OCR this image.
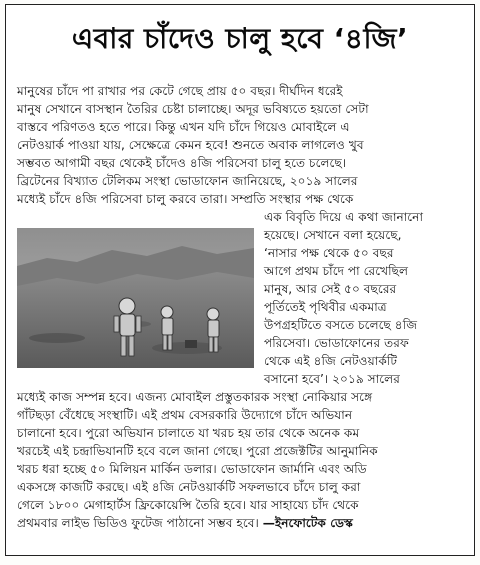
এবার চাঁদেও চালু হবে ‘৪জি’
মানুষের চাঁদে পা রাখার পর কেটে গেছে প্রায় ৫০ বছর। দীর্ঘদিন ধরেই
মানুষ সেখানে বাসস্থান তৈরির চেষ্টা চালাচ্ছে। অদূর ভবিষ্যতে হয়তো সেটা
বাস্তবে পরিণতও হতে পারে। কিন্তু এখন যদি চাঁদে গিয়েও মোবাইলে এ
নেটওয়ার্ক পাওয়া যায়, সেক্ষেত্রে কেমন হবে! শুনতে অবাক লাগলেও খুব
সম্ভবত আগামী বছর থেকেই চাঁদেও ৪জি পরিসেবা চালু হতে চলেছে।
ব্রিটেনের বিখ্যাত টেলিকম সংস্থা ভোডাফোন জানিয়েছে, ২০১৯ সালের
মধ্যেই চাঁদে ৪জি পরিসেবা চালু করবে তারা। সম্প্রতি সংস্থার পক্ষ থেকে
এক বিবৃতি দিয়ে এ কথা জানানো
হয়েছে। সেখানে বলা হয়েছে,
‘নাসার পক্ষ থেকে ৫০ বছর
আগে প্রথম চাঁদে পা রেখেছিল
মানুষ, আর সেই ৫০ বছরের
পূর্তিতেই পৃথিবীর একমাত্র
উপগ্রহটিতে বসতে চলেছে ৪জি
পরিসেবা। ভোডাফোনের তরফ
থেকে এই ৪জি নেটওয়ার্কটি
বসানো হবে’। ২০১৯ সালের
মধ্যেই কাজ সম্পন্ন হবে। এজন্য মোবাইল প্রস্তুতকারক সংস্থা নোকিয়ার সঙ্গে
গাঁটছড়া বেঁধেছে সংস্থাটি। এই প্রথম বেসরকারি উদ্যোগে চাঁদে অভিযান
চালানো হবে। পুরো অভিযান চালাতে যা খরচ হয় তার থেকে অনেক কম
খরচেই এই চন্দ্রাভিযানটি হবে বলে জানা গেছে। পুরো প্রজেক্টটির আনুমানিক
খরচ ধরা হচ্ছে ৫০ মিলিয়ন মার্কিন ডলার। ভোডাফোন জার্মানি এবং অডি
একসঙ্গে কাজটি করছে। এই ৪জি নেটওয়ার্কটি সফলভাবে চাঁদে চালু করা
গেলে ১৮০০ মেগাহার্টস ফ্রিকোয়েন্সি তৈরি হবে। যার সাহায্যে চাঁদ থেকে
প্রথমবার লাইভ ভিডিও ফুটেজ পাঠানো সম্ভব হবে। —ইনফোটেক ডেস্ক
